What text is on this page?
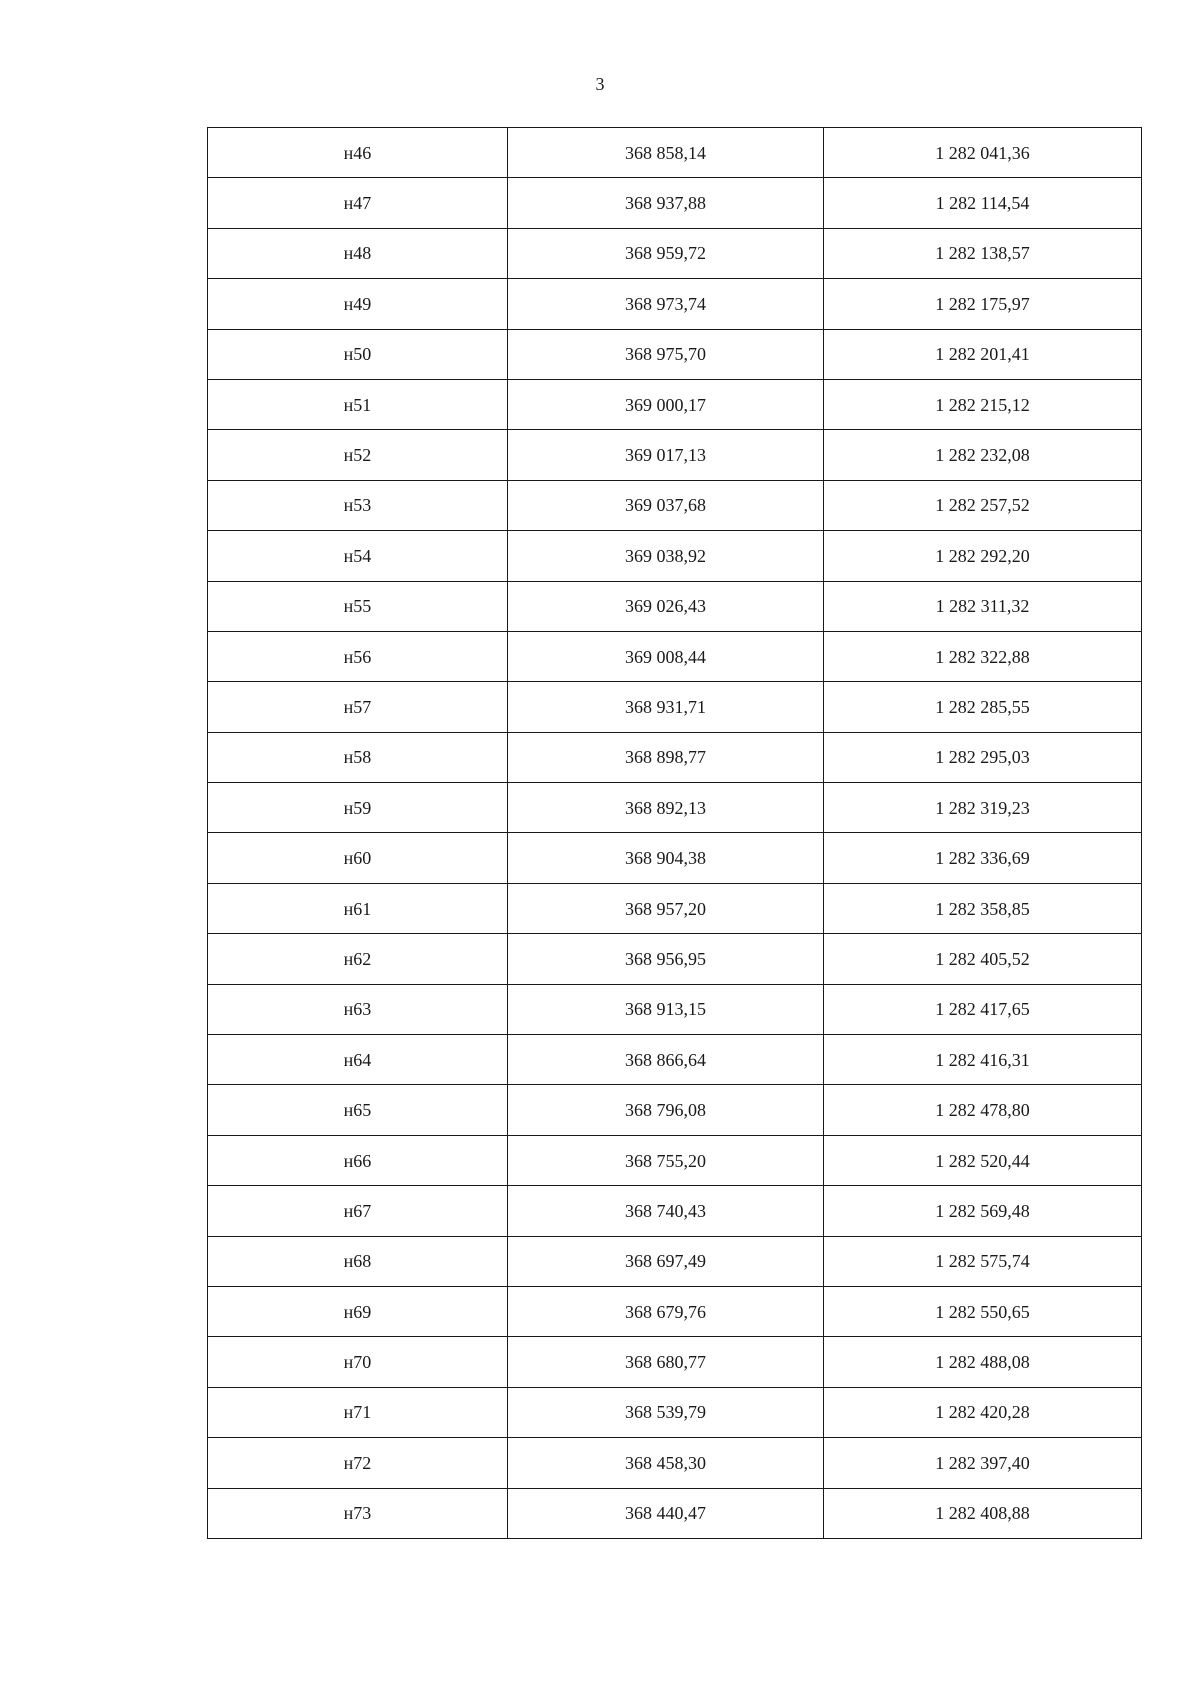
3
н46	368 858,14	1 282 041,36
н47	368 937,88	1 282 114,54
н48	368 959,72	1 282 138,57
н49	368 973,74	1 282 175,97
н50	368 975,70	1 282 201,41
н51	369 000,17	1 282 215,12
н52	369 017,13	1 282 232,08
н53	369 037,68	1 282 257,52
н54	369 038,92	1 282 292,20
н55	369 026,43	1 282 311,32
н56	369 008,44	1 282 322,88
н57	368 931,71	1 282 285,55
н58	368 898,77	1 282 295,03
н59	368 892,13	1 282 319,23
н60	368 904,38	1 282 336,69
н61	368 957,20	1 282 358,85
н62	368 956,95	1 282 405,52
н63	368 913,15	1 282 417,65
н64	368 866,64	1 282 416,31
н65	368 796,08	1 282 478,80
н66	368 755,20	1 282 520,44
н67	368 740,43	1 282 569,48
н68	368 697,49	1 282 575,74
н69	368 679,76	1 282 550,65
н70	368 680,77	1 282 488,08
н71	368 539,79	1 282 420,28
н72	368 458,30	1 282 397,40
н73	368 440,47	1 282 408,88
